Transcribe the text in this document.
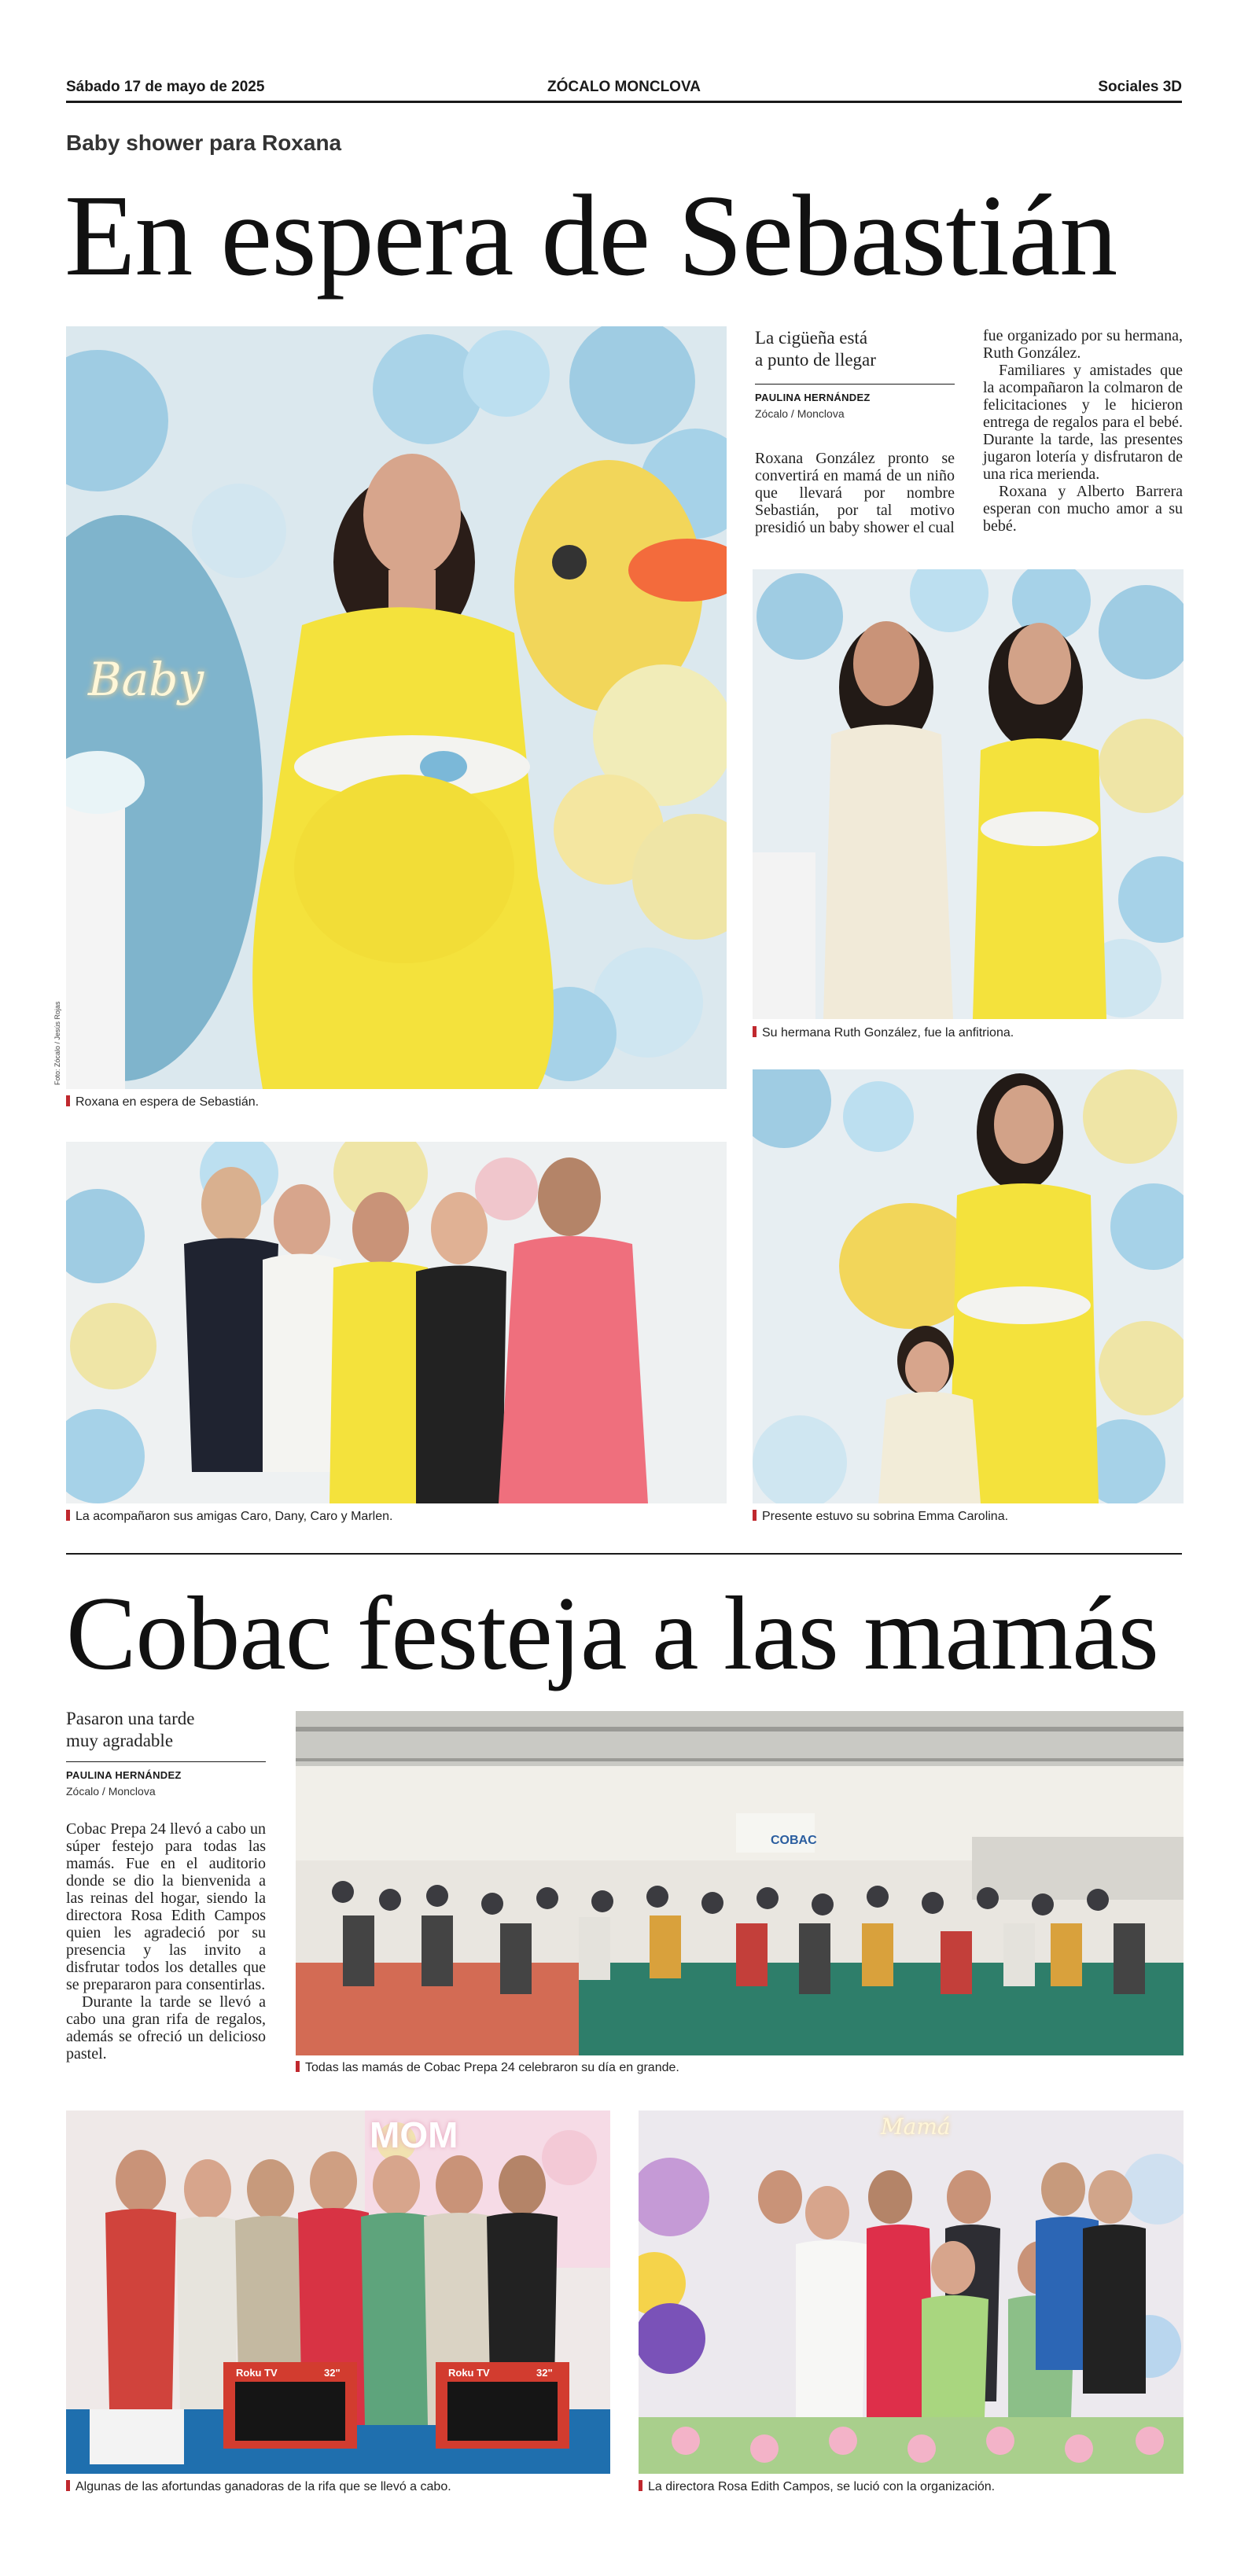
Sábado 17 de mayo de 2025	ZÓCALO MONCLOVA	Sociales 3D
Baby shower para Roxana
En espera de Sebastián
Foto: Zócalo / Jesús Rojas
Baby
Roxana en espera de Sebastián.
La cigüeña está
a punto de llegar
PAULINA HERNÁNDEZ
Zócalo / Monclova

Roxana González pronto se convertirá en mamá de un niño que llevará por nombre Sebastián, por tal motivo presidió un baby shower el cual

fue organizado por su hermana, Ruth González.

Familiares y amistades que la acompañaron la colmaron de felicitaciones y le hicieron entrega de regalos para el bebé. Durante la tarde, las presentes jugaron lotería y disfrutaron de una rica merienda.

Roxana y Alberto Barrera esperan con mucho amor a su bebé.

Su hermana Ruth González, fue la anfitriona.
La acompañaron sus amigas Caro, Dany, Caro y Marlen.	Presente estuvo su sobrina Emma Carolina.
Cobac festeja a las mamás
Pasaron una tarde
muy agradable
PAULINA HERNÁNDEZ
Zócalo / Monclova

Cobac Prepa 24 llevó a cabo un súper festejo para todas las mamás. Fue en el auditorio donde se dio la bienvenida a las reinas del hogar, siendo la directora Rosa Edith Campos quien les agradeció por su presencia y las invito a disfrutar todos los detalles que se prepararon para consentirlas.

Durante la tarde se llevó a cabo una gran rifa de regalos, además se ofreció un delicioso pastel.

COBAC
Todas las mamás de Cobac Prepa 24 celebraron su día en grande.
MOM
Roku TV	32"	Roku TV	32"
Algunas de las afortundas ganadoras de la rifa que se llevó a cabo.
Mamá
La directora Rosa Edith Campos, se lució con la organización.
